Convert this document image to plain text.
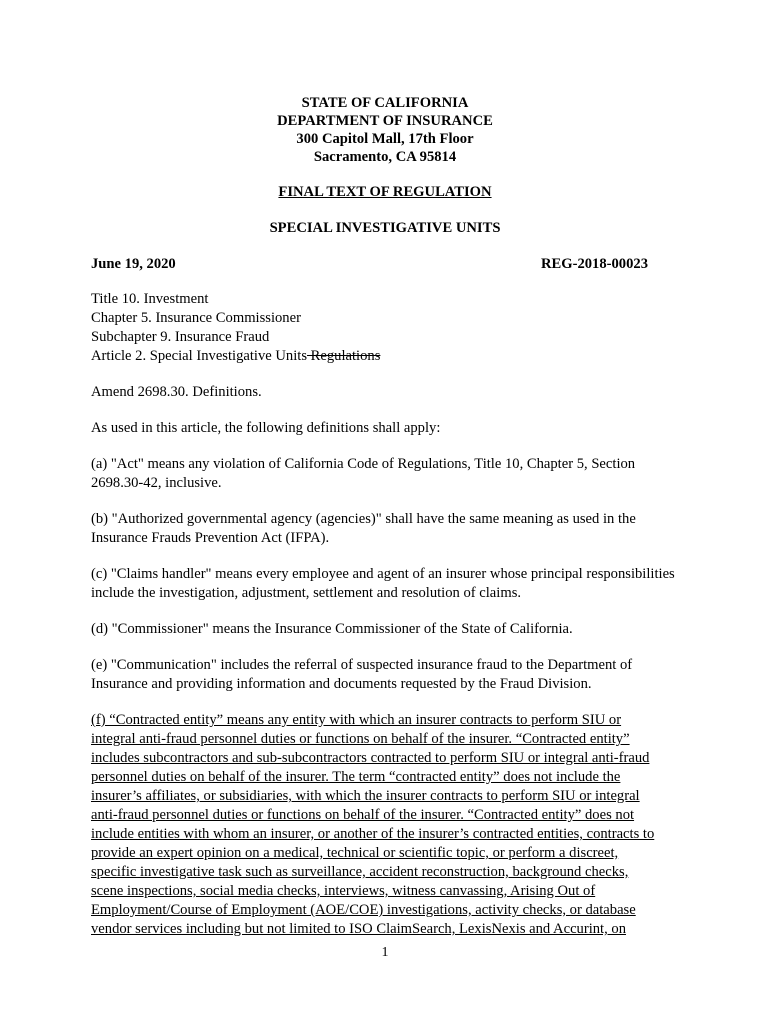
STATE OF CALIFORNIA
DEPARTMENT OF INSURANCE
300 Capitol Mall, 17th Floor
Sacramento, CA 95814
FINAL TEXT OF REGULATION
SPECIAL INVESTIGATIVE UNITS
June 19, 2020	REG-2018-00023

Title 10. Investment
Chapter 5. Insurance Commissioner
Subchapter 9. Insurance Fraud
Article 2. Special Investigative Units Regulations

Amend 2698.30. Definitions.

As used in this article, the following definitions shall apply:

(a) "Act" means any violation of California Code of Regulations, Title 10, Chapter 5, Section 2698.30-42, inclusive.

(b) "Authorized governmental agency (agencies)" shall have the same meaning as used in the Insurance Frauds Prevention Act (IFPA).

(c) "Claims handler" means every employee and agent of an insurer whose principal responsibilities include the investigation, adjustment, settlement and resolution of claims.

(d) "Commissioner" means the Insurance Commissioner of the State of California.

(e) "Communication" includes the referral of suspected insurance fraud to the Department of Insurance and providing information and documents requested by the Fraud Division.

(f) “Contracted entity” means any entity with which an insurer contracts to perform SIU or
integral anti-fraud personnel duties or functions on behalf of the insurer. “Contracted entity”
includes subcontractors and sub-subcontractors contracted to perform SIU or integral anti-fraud
personnel duties on behalf of the insurer. The term “contracted entity” does not include the
insurer’s affiliates, or subsidiaries, with which the insurer contracts to perform SIU or integral
anti-fraud personnel duties or functions on behalf of the insurer. “Contracted entity” does not
include entities with whom an insurer, or another of the insurer’s contracted entities, contracts to
provide an expert opinion on a medical, technical or scientific topic, or perform a discreet,
specific investigative task such as surveillance, accident reconstruction, background checks,
scene inspections, social media checks, interviews, witness canvassing, Arising Out of
Employment/Course of Employment (AOE/COE) investigations, activity checks, or database
vendor services including but not limited to ISO ClaimSearch, LexisNexis and Accurint, on

1
